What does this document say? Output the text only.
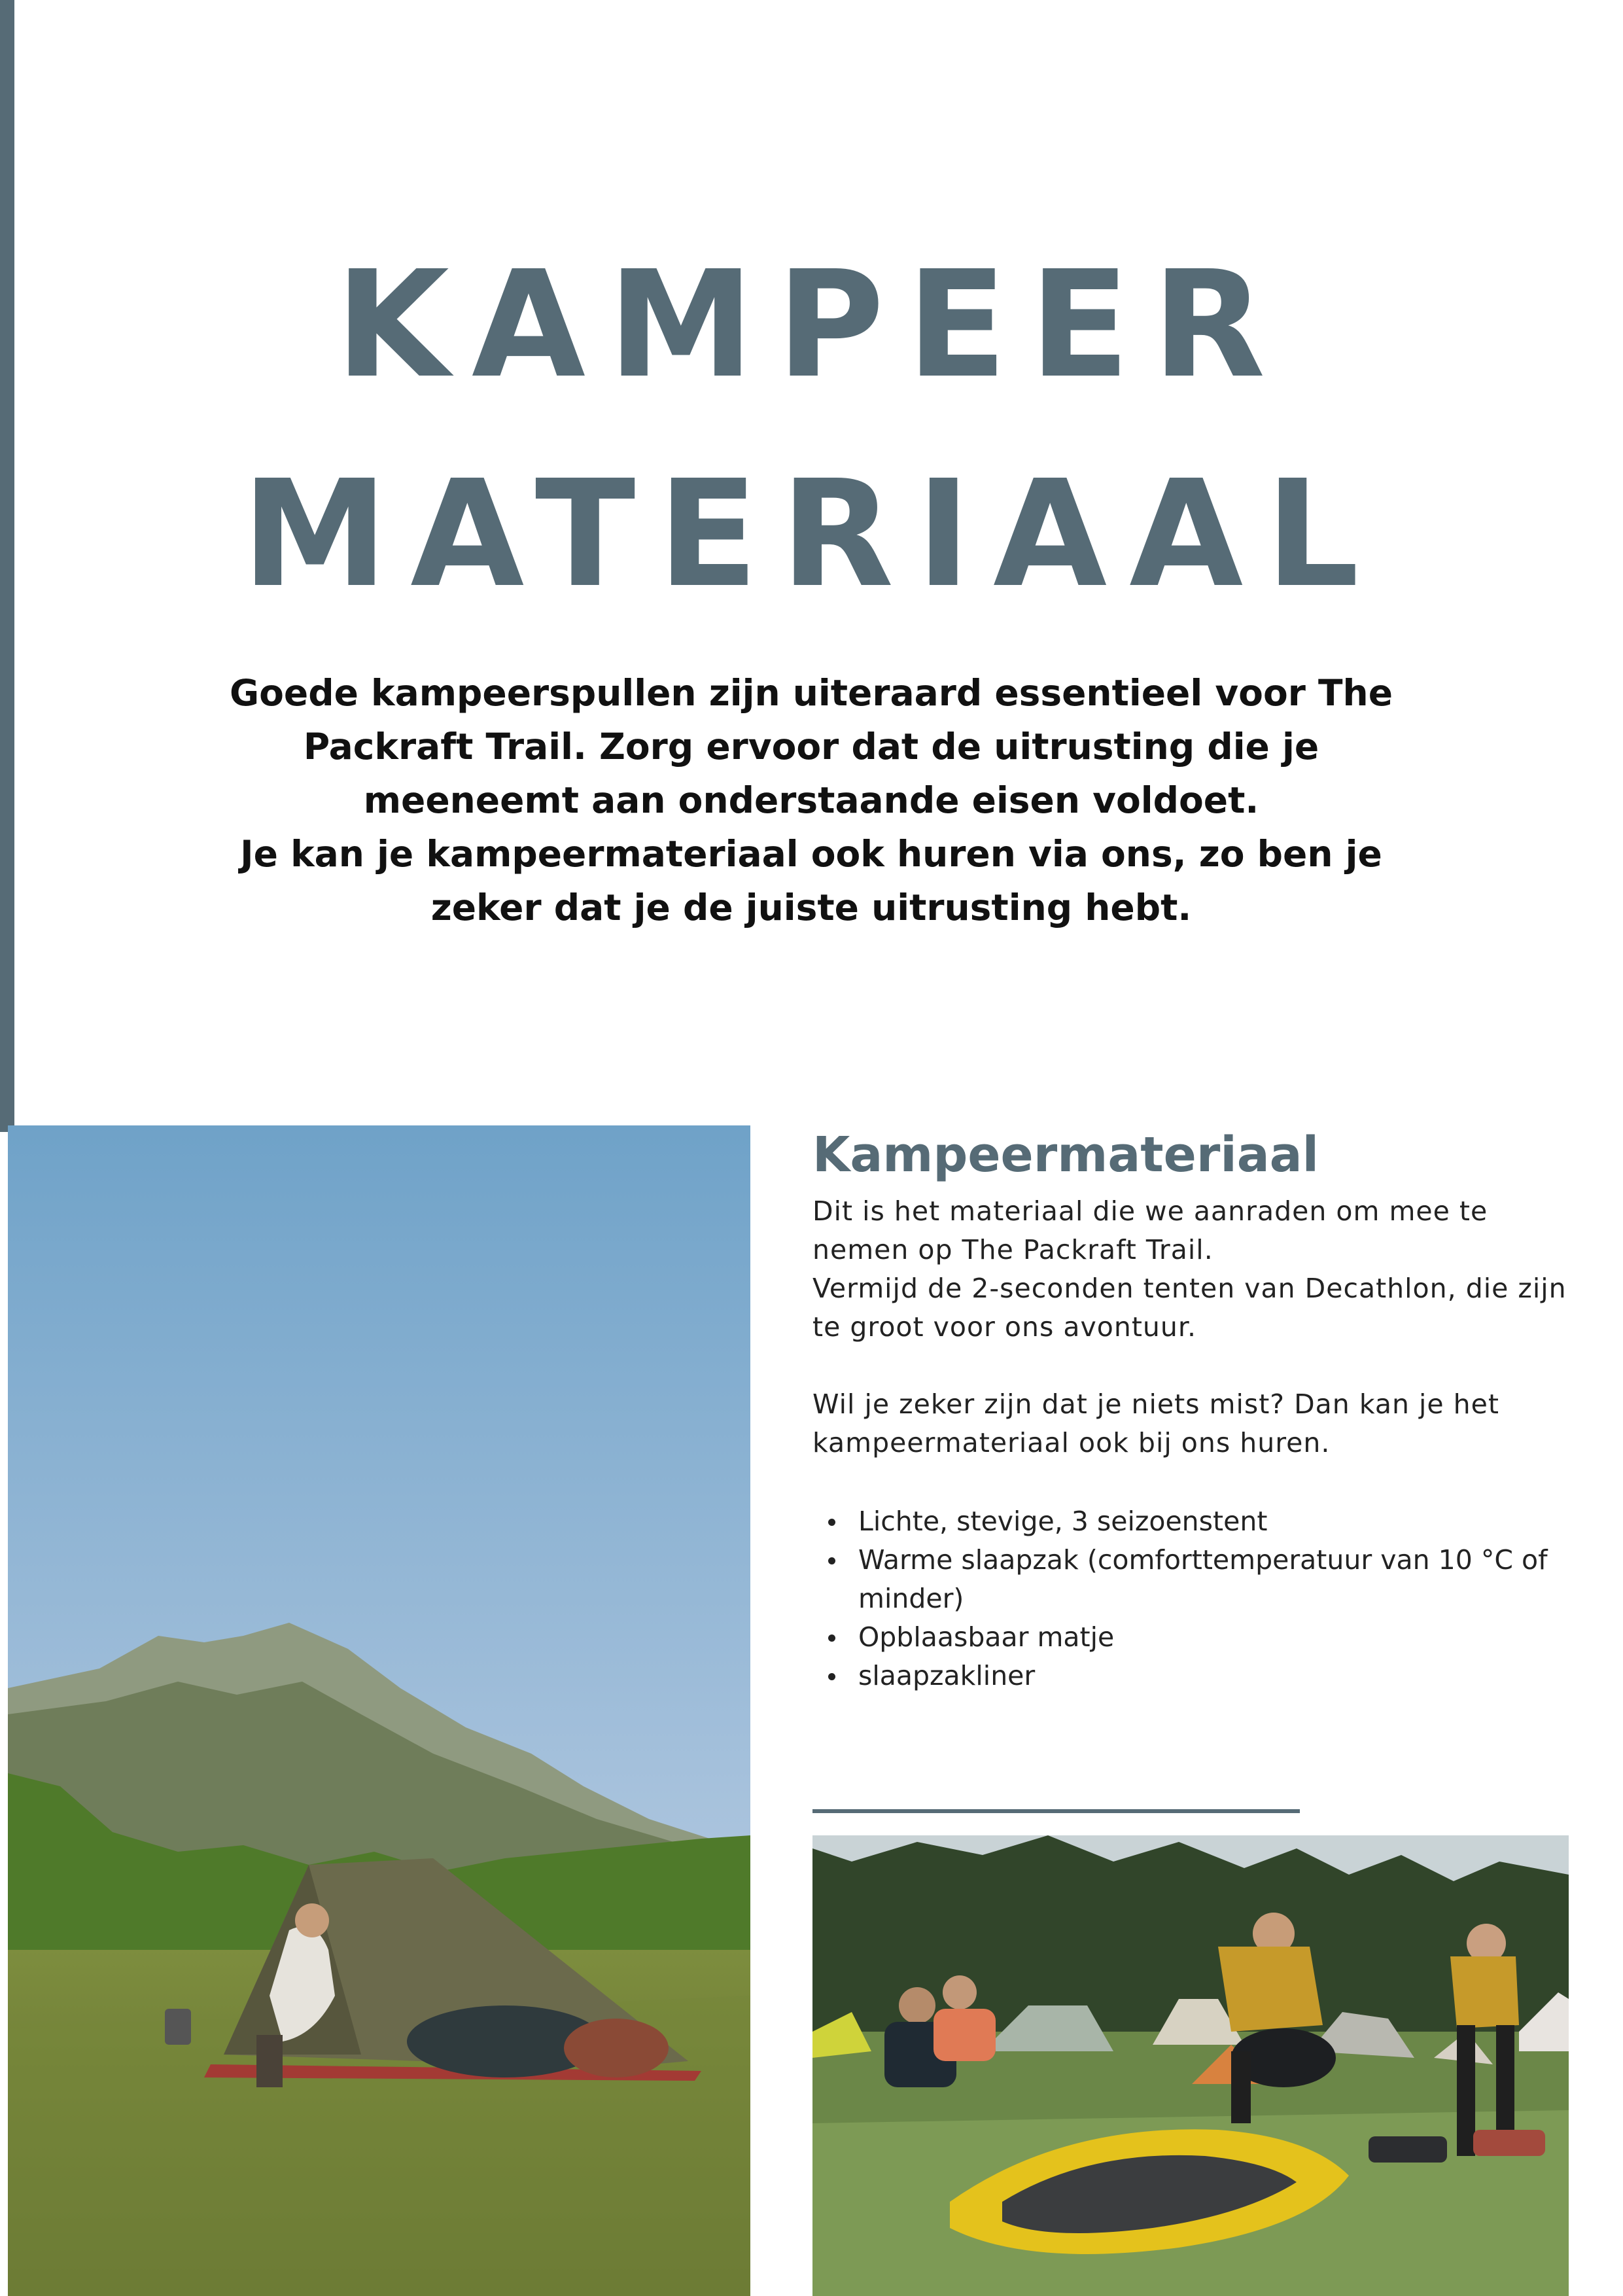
KAMPEER
MATERIAAL

Goede kampeerspullen zijn uiteraard essentieel voor The Packraft Trail. Zorg ervoor dat de uitrusting die je meeneemt aan onderstaande eisen voldoet.

Je kan je kampeermateriaal ook huren via ons, zo ben je zeker dat je de juiste uitrusting hebt.

Kampeermateriaal

Dit is het materiaal die we aanraden om mee te nemen op The Packraft Trail.

Vermijd de 2-seconden tenten van Decathlon, die zijn te groot voor ons avontuur.

Wil je zeker zijn dat je niets mist? Dan kan je het kampeermateriaal ook bij ons huren.

Lichte, stevige, 3 seizoenstent
Warme slaapzak (comforttemperatuur van 10 °C of minder)
Opblaasbaar matje
slaapzakliner
